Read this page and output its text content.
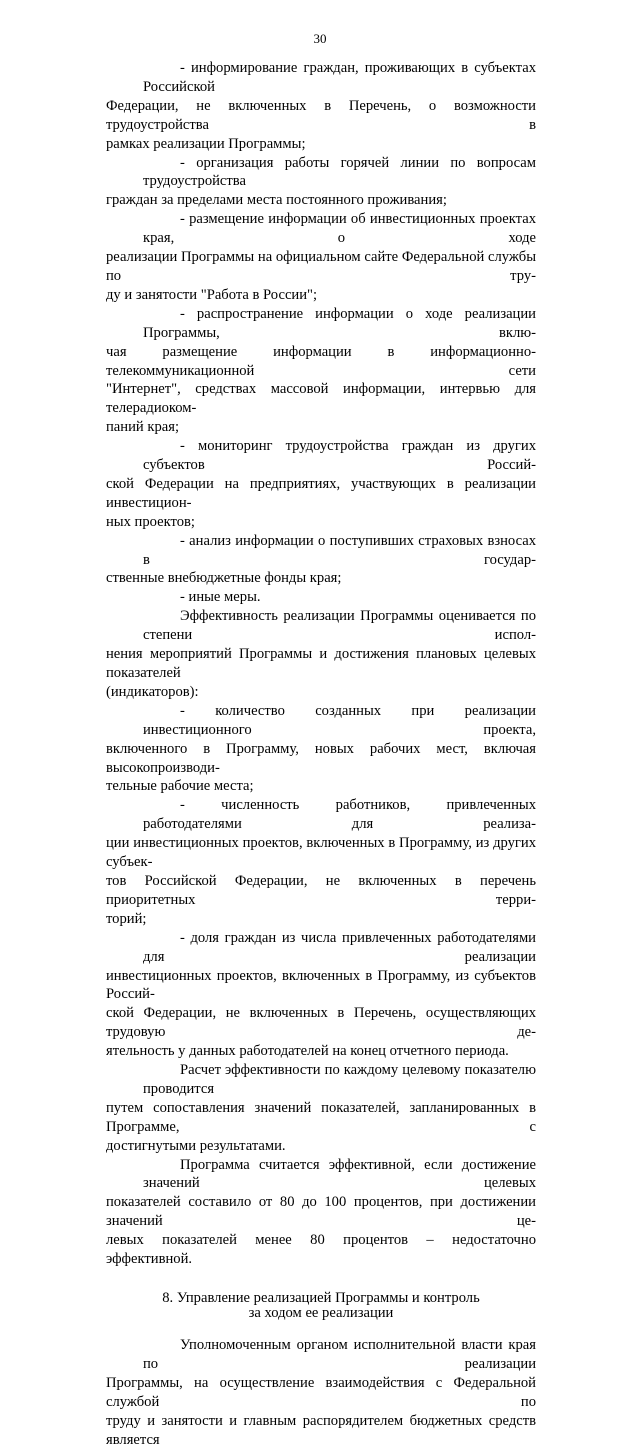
30

- информирование граждан, проживающих в субъектах Российской
Федерации, не включенных в Перечень, о возможности трудоустройства в
рамках реализации Программы;

- организация работы горячей линии по вопросам трудоустройства
граждан за пределами места постоянного проживания;

- размещение информации об инвестиционных проектах края, о ходе
реализации Программы на официальном сайте Федеральной службы по тру-
ду и занятости "Работа в России";

- распространение информации о ходе реализации Программы, вклю-
чая размещение информации в информационно-телекоммуникационной сети
"Интернет", средствах массовой информации, интервью для телерадиоком-
паний края;

- мониторинг трудоустройства граждан из других субъектов Россий-
ской Федерации на предприятиях, участвующих в реализации инвестицион-
ных проектов;

- анализ информации о поступивших страховых взносах в государ-
ственные внебюджетные фонды края;

- иные меры.

Эффективность реализации Программы оценивается по степени испол-
нения мероприятий Программы и достижения плановых целевых показателей
(индикаторов):

- количество созданных при реализации инвестиционного проекта,
включенного в Программу, новых рабочих мест, включая высокопроизводи-
тельные рабочие места;

- численность работников, привлеченных работодателями для реализа-
ции инвестиционных проектов, включенных в Программу, из других субъек-
тов Российской Федерации, не включенных в перечень приоритетных терри-
торий;

- доля граждан из числа привлеченных работодателями для реализации
инвестиционных проектов, включенных в Программу, из субъектов Россий-
ской Федерации, не включенных в Перечень, осуществляющих трудовую де-
ятельность у данных работодателей на конец отчетного периода.

Расчет эффективности по каждому целевому показателю проводится
путем сопоставления значений показателей, запланированных в Программе, с
достигнутыми результатами.

Программа считается эффективной, если достижение значений целевых
показателей составило от 80 до 100 процентов, при достижении значений це-
левых показателей менее 80 процентов – недостаточно эффективной.

8. Управление реализацией Программы и контроль

за ходом ее реализации

Уполномоченным органом исполнительной власти края по реализации
Программы, на осуществление взаимодействия с Федеральной службой по
труду и занятости и главным распорядителем бюджетных средств является
